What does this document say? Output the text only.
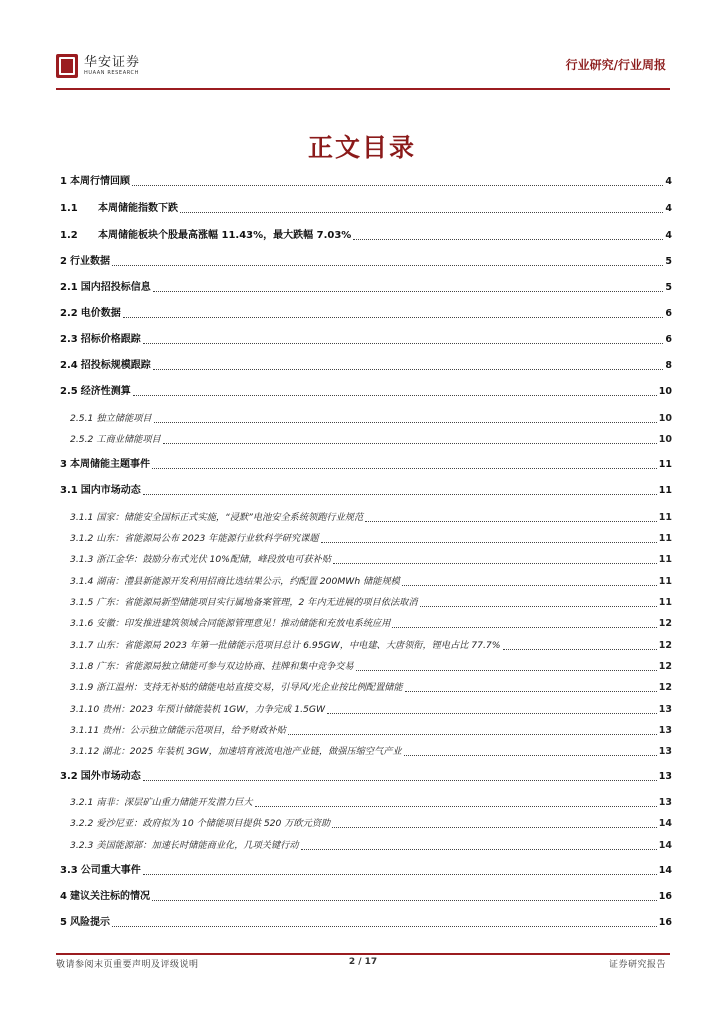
华安证券
HUAAN RESEARCH
行业研究/行业周报
正文目录
1 本周行情回顾	4
1.1	本周储能指数下跌	4
1.2	本周储能板块个股最高涨幅 11.43%，最大跌幅 7.03%	4
2 行业数据	5
2.1 国内招投标信息	5
2.2 电价数据	6
2.3 招标价格跟踪	6
2.4 招投标规模跟踪	8
2.5 经济性测算	10
2.5.1 独立储能项目	10
2.5.2 工商业储能项目	10
3 本周储能主题事件	11
3.1 国内市场动态	11
3.1.1 国家：储能安全国标正式实施，“浸默”电池安全系统领跑行业规范	11
3.1.2 山东：省能源局公布 2023 年能源行业软科学研究课题	11
3.1.3 浙江金华：鼓励分布式光伏 10%配储，峰段放电可获补贴	11
3.1.4 湖南：澧县新能源开发利用招商比选结果公示，约配置 200MWh 储能规模	11
3.1.5 广东：省能源局新型储能项目实行属地备案管理，2 年内无进展的项目依法取消	11
3.1.6 安徽：印发推进建筑领域合同能源管理意见！推动储能和充放电系统应用	12
3.1.7 山东：省能源局 2023 年第一批储能示范项目总计 6.95GW，中电建、大唐领衔，锂电占比 77.7%	12
3.1.8 广东：省能源局独立储能可参与双边协商、挂牌和集中竞争交易	12
3.1.9 浙江温州：支持无补贴的储能电站直接交易，引导风/光企业按比例配置储能	12
3.1.10 贵州：2023 年预计储能装机 1GW，力争完成 1.5GW	13
3.1.11 贵州：公示独立储能示范项目，给予财政补贴	13
3.1.12 湖北：2025 年装机 3GW，加速培育液流电池产业链，做强压缩空气产业	13
3.2 国外市场动态	13
3.2.1 南非：深层矿山重力储能开发潜力巨大	13
3.2.2 爱沙尼亚：政府拟为 10 个储能项目提供 520 万欧元资助	14
3.2.3 美国能源部：加速长时储能商业化，几项关键行动	14
3.3 公司重大事件	14
4 建议关注标的情况	16
5 风险提示	16
敬请参阅末页重要声明及评级说明	2 / 17	证券研究报告
